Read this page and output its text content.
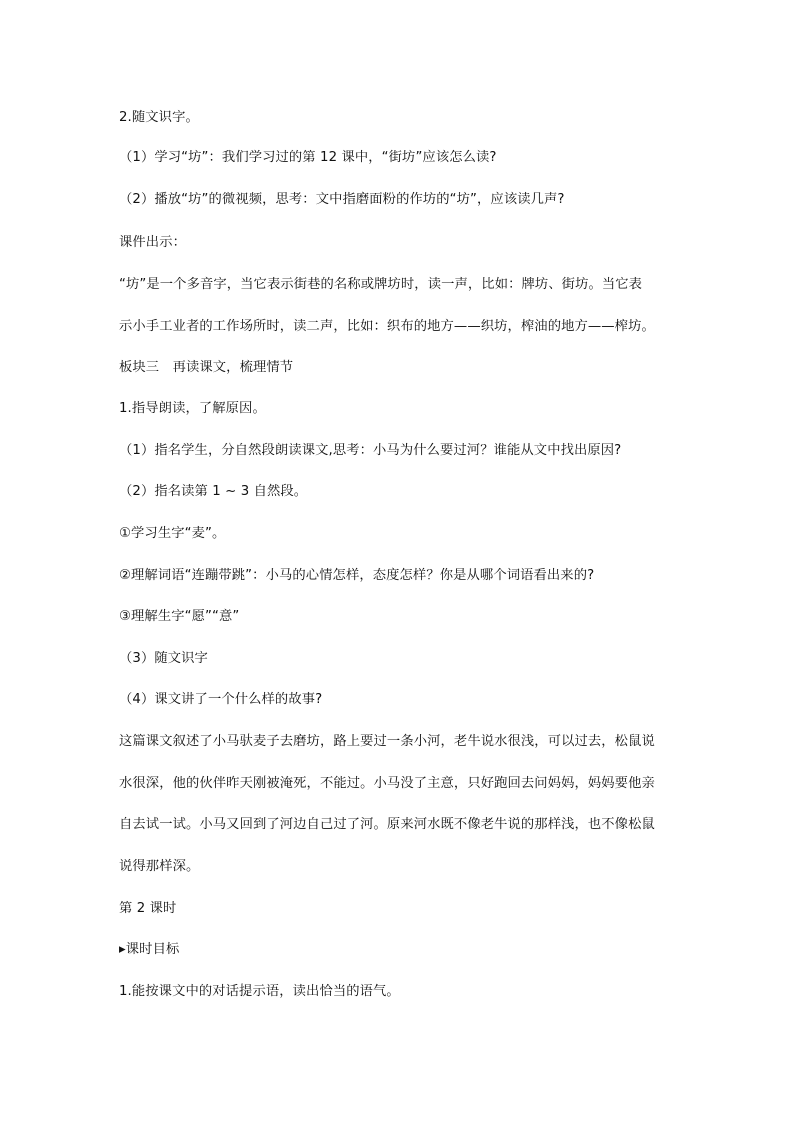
2.随文识字。
（1）学习“坊”：我们学习过的第 12 课中，“街坊”应该怎么读?
（2）播放“坊”的微视频，思考：文中指磨面粉的作坊的“坊”，应该读几声?
课件出示：
“坊”是一个多音字，当它表示街巷的名称或牌坊时，读一声，比如：牌坊、街坊。当它表
示小手工业者的工作场所时，读二声，比如：织布的地方——织坊，榨油的地方——榨坊。
板块三　再读课文，梳理情节
1.指导朗读，了解原因。
（1）指名学生，分自然段朗读课文,思考：小马为什么要过河？谁能从文中找出原因?
（2）指名读第 1 ~ 3 自然段。
①学习生字“麦”。
②理解词语“连蹦带跳”：小马的心情怎样，态度怎样？你是从哪个词语看出来的?
③理解生字“愿”“意”
（3）随文识字
（4）课文讲了一个什么样的故事?
这篇课文叙述了小马驮麦子去磨坊，路上要过一条小河，老牛说水很浅，可以过去，松鼠说
水很深，他的伙伴昨天刚被淹死，不能过。小马没了主意，只好跑回去问妈妈，妈妈要他亲
自去试一试。小马又回到了河边自己过了河。原来河水既不像老牛说的那样浅，也不像松鼠
说得那样深。
第 2 课时
▸课时目标
1.能按课文中的对话提示语，读出恰当的语气。
